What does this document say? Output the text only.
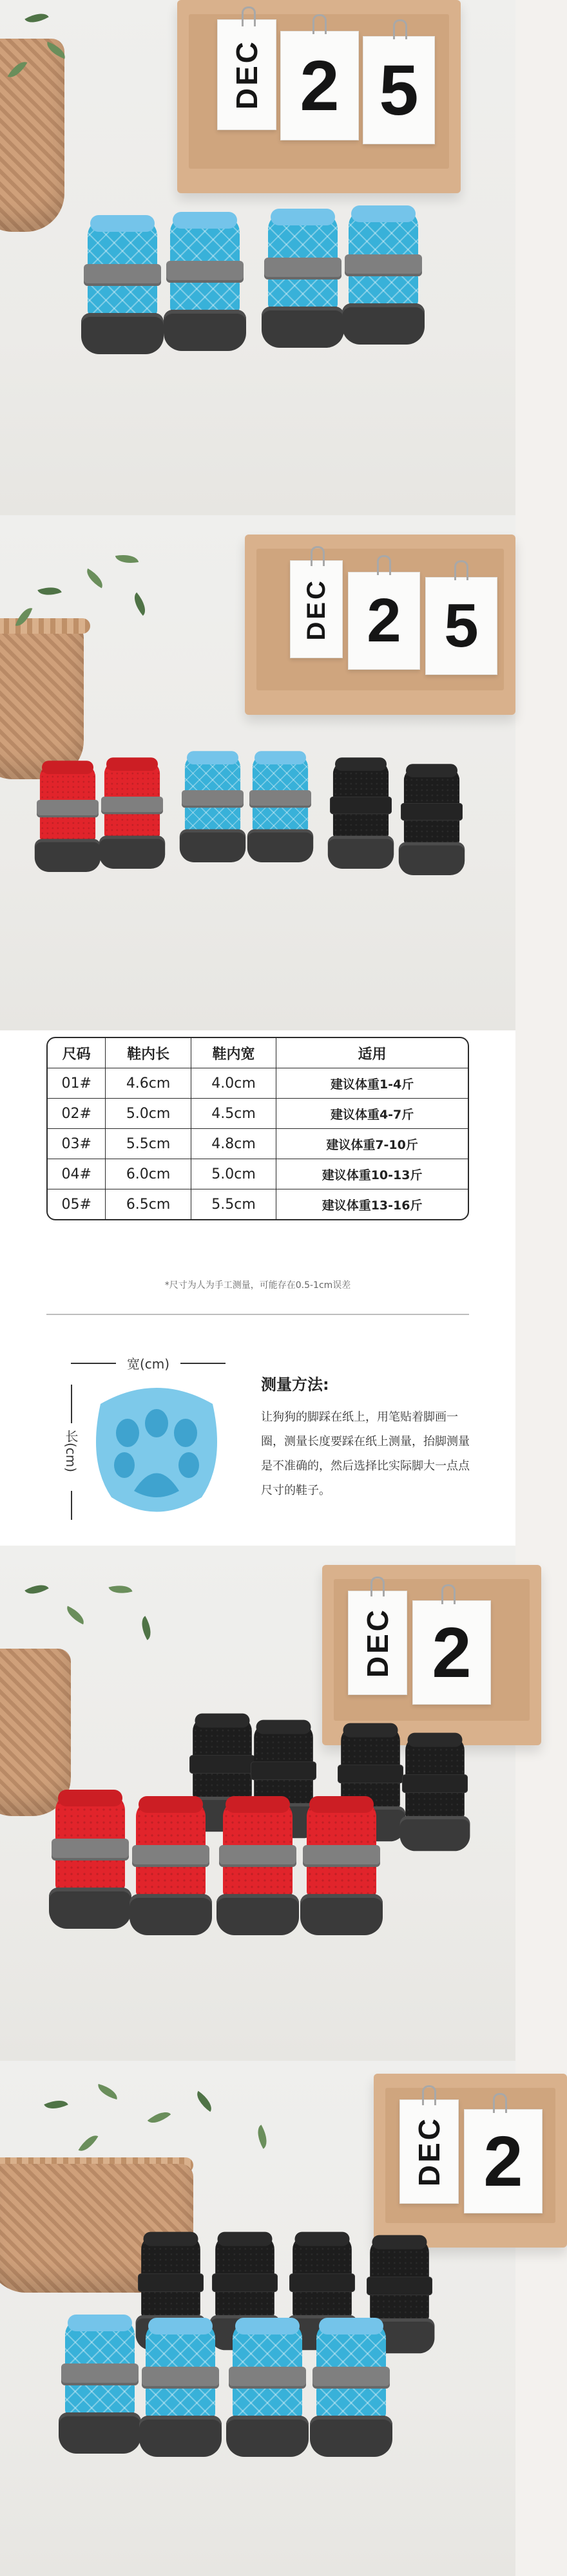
DEC 2 5
DEC 2 5
尺码	鞋内长	鞋内宽	适用
01#	4.6cm	4.0cm	建议体重1-4斤
02#	5.0cm	4.5cm	建议体重4-7斤
03#	5.5cm	4.8cm	建议体重7-10斤
04#	6.0cm	5.0cm	建议体重10-13斤
05#	6.5cm	5.5cm	建议体重13-16斤
*尺寸为人为手工测量，可能存在0.5-1cm误差
宽(cm)
长(cm)
测量方法:
让狗狗的脚踩在纸上，用笔贴着脚画一圈，测量长度要踩在纸上测量，抬脚测量是不准确的，然后选择比实际脚大一点点尺寸的鞋子。
DEC 2
DEC 2
